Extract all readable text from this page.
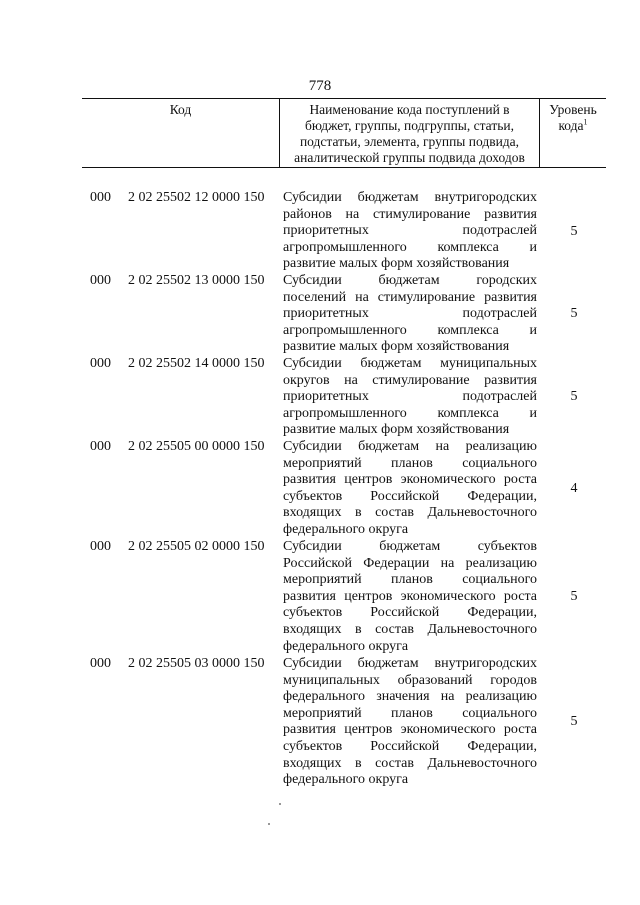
778
Код	Наименование кода поступлений в
бюджет, группы, подгруппы, статьи,
подстатьи, элемента, группы подвида,
аналитической группы подвида доходов
Уровень
кода$^1$
000 2 02 25502 12 0000 150 Субсидии бюджетам внутригородских
районов на стимулирование развития
приоритетных подотраслей
агропромышленного комплекса и
развитие малых форм хозяйствования
5
000 2 02 25502 13 0000 150 Субсидии бюджетам городских
поселений на стимулирование развития
приоритетных подотраслей
агропромышленного комплекса и
развитие малых форм хозяйствования
5
000 2 02 25502 14 0000 150 Субсидии бюджетам муниципальных
округов на стимулирование развития
приоритетных подотраслей
агропромышленного комплекса и
развитие малых форм хозяйствования
5
000 2 02 25505 00 0000 150 Субсидии бюджетам на реализацию
мероприятий планов социального
развития центров экономического роста
субъектов Российской Федерации,
входящих в состав Дальневосточного
федерального округа
4
000 2 02 25505 02 0000 150 Субсидии бюджетам субъектов
Российской Федерации на реализацию
мероприятий планов социального
развития центров экономического роста
субъектов Российской Федерации,
входящих в состав Дальневосточного
федерального округа
5
000 2 02 25505 03 0000 150 Субсидии бюджетам внутригородских
муниципальных образований городов
федерального значения на реализацию
мероприятий планов социального
развития центров экономического роста
субъектов Российской Федерации,
входящих в состав Дальневосточного
федерального округа
5
